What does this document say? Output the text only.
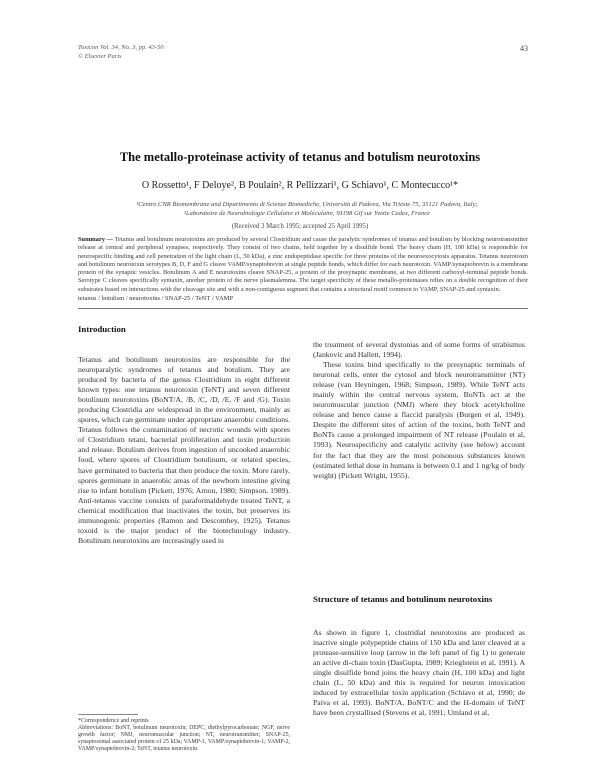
Toxicon Vol. 34, No. 3, pp. 43-50
© Elsevier Paris
43
The metallo-proteinase activity of tetanus and botulism neurotoxins
O Rossetto¹, F Deloye², B Poulain², R Pellizzari¹, G Schiavo¹, C Montecucco¹*
¹Centro CNR Biomembrane and Dipartimento di Scienze Biomediche, Università di Padova, Via Trieste 75, 35121 Padova, Italy;
²Laboratoire de Neurobiologie Cellulaire et Moléculaire, 91198 Gif sur Yvette Cedex, France
(Received 3 March 1995; accepted 25 April 1995)
Summary — Tetanus and botulinum neurotoxins are produced by several Clostridium and cause the paralytic syndromes of tetanus and botulism by blocking neurotransmitter release at central and peripheral synapses, respectively. They consist of two chains, held together by a disulfide bond. The heavy chain (H, 100 kDa) is responsible for neurospecific binding and cell penetration of the light chain (L, 50 kDa), a zinc endopeptidase specific for three proteins of the neuroexocytosis apparatus. Tetanus neurotoxin and botulinum neurotoxin serotypes B, D, F and G cleave VAMP/synaptobrevin at single peptide bonds, which differ for each neurotoxin. VAMP/synaptobrevin is a membrane protein of the synaptic vesicles. Botulinum A and E neurotoxins cleave SNAP-25, a protein of the presynaptic membrane, at two different carboxyl-terminal peptide bonds. Serotype C cleaves specifically syntaxin, another protein of the nerve plasmalemma. The target specificity of these metallo-proteinases relies on a double recognition of their substrates based on interactions with the cleavage site and with a non-contiguous segment that contains a structural motif common to VAMP, SNAP-25 and syntaxin.
tetanus / botulism / neurotoxins / SNAP-25 / TeNT / VAMP
Introduction

Tetanus and botulinum neurotoxins are responsible for the neuroparalytic syndromes of tetanus and botulism. They are produced by bacteria of the genus Clostridium in eight different known types: one tetanus neurotoxin (TeNT) and seven different botulinum neurotoxins (BoNT/A, /B, /C, /D, /E, /F and /G). Toxin producing Clostridia are widespread in the environment, mainly as spores, which can germinate under appropriate anaerobic conditions. Tetanus follows the contamination of necrotic wounds with spores of Clostridium tetani, bacterial proliferation and toxin production and release. Botulism derives from ingestion of uncooked anaerobic food, where spores of Clostridium botulinum, or related species, have germinated to bacteria that then produce the toxin. More rarely, spores germinate in anaerobic areas of the newborn intestine giving rise to infant botulism (Pickett, 1976; Arnon, 1980; Simpson, 1989). Anti-tetanus vaccine consists of paraformaldehyde treated TeNT, a chemical modification that inactivates the toxin, but preserves its immunogenic properties (Ramon and Descombey, 1925). Tetanus toxoid is the major product of the biotechnology industry. Botulinum neurotoxins are increasingly used in

the treatment of several dystonias and of some forms of strabismus (Jankovic and Hallett, 1994).

These toxins bind specifically to the presynaptic terminals of neuronal cells, enter the cytosol and block neurotransmitter (NT) release (van Heyningen, 1968; Simpson, 1989). While TeNT acts mainly within the central nervous system, BoNTs act at the neuromuscular junction (NMJ) where they block acetylcholine release and hence cause a flaccid paralysis (Burgen et al, 1949). Despite the different sites of action of the toxins, both TeNT and BoNTs cause a prolonged impairment of NT release (Poulain et al, 1993). Neurospecificity and catalytic activity (see below) account for the fact that they are the most poisonous substances known (estimated lethal dose in humans is between 0.1 and 1 ng/kg of body weight) (Pickett Wright, 1955).

Structure of tetanus and botulinum neurotoxins

As shown in figure 1, clostridial neurotoxins are produced as inactive single polypeptide chains of 150 kDa and later cleaved at a protease-sensitive loop (arrow in the left panel of fig 1) to generate an active di-chain toxin (DasGupta, 1989; Krieglstein et al, 1991). A single disulfide bond joins the heavy chain (H, 100 kDa) and light chain (L, 50 kDa) and this is required for neuron intoxication induced by extracellular toxin application (Schiavo et al, 1990; de Paiva et al, 1993). BoNT/A, BoNT/C and the H-domain of TeNT have been crystallised (Stevens et al, 1991; Umland et al,

*Correspondence and reprints
Abbreviations: BoNT, botulinum neurotoxin; DEPC, diethylpyrocarbonate; NGF, nerve growth factor; NMJ, neuromuscular junction; NT, neurotransmitter; SNAP-25, synaptosomal associated protein of 25 kDa; VAMP-1, VAMP/synaptobrevin-1; VAMP-2, VAMP/synaptobrevin-2; TeNT, tetanus neurotoxin.
